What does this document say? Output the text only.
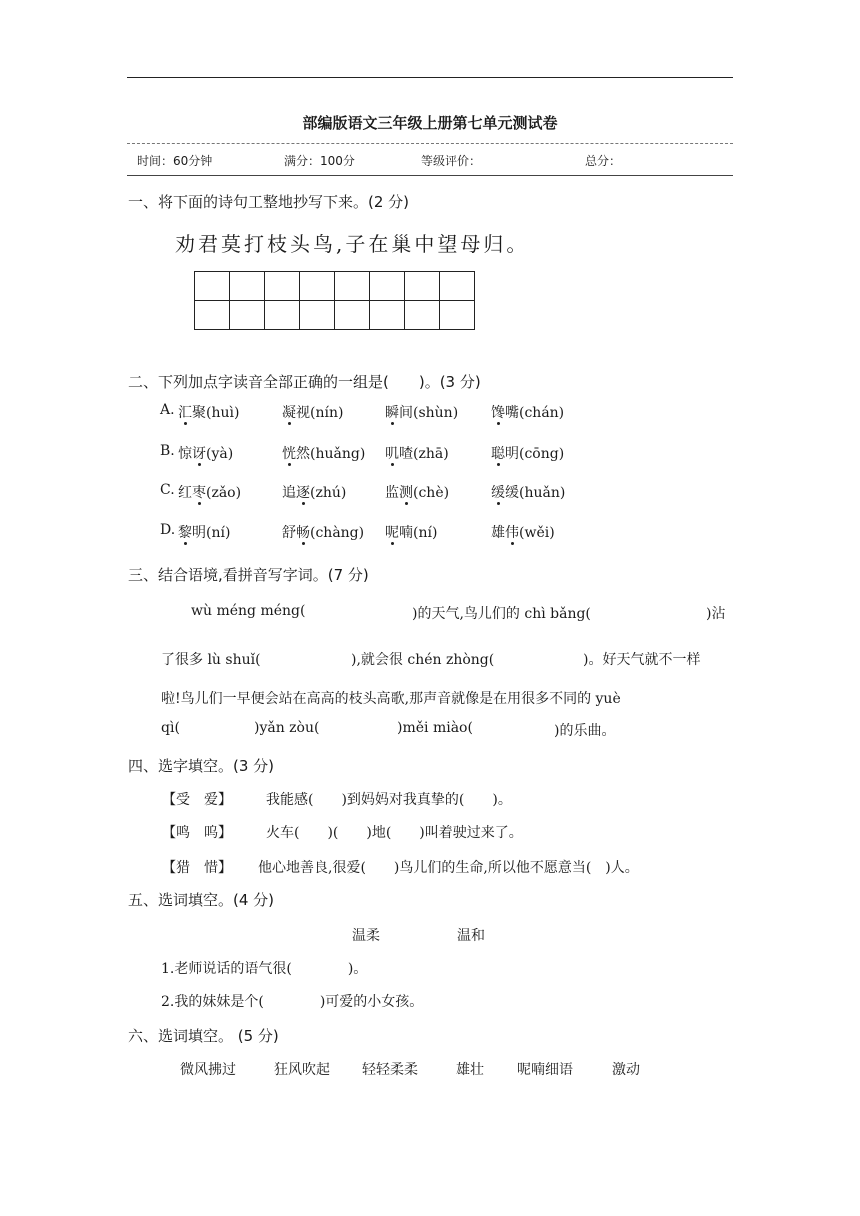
部编版语文三年级上册第七单元测试卷
时间：60分钟	满分：100分	等级评价：	总分：
一、将下面的诗句工整地抄写下来。(2 分)
劝君莫打枝头鸟,子在巢中望母归。
二、下列加点字读音全部正确的一组是(　　)。(3 分)
A. 汇聚(huì)	凝视(nín)	瞬间(shùn) 馋嘴(chán)
B. 惊讶(yà)	恍然(huǎng) 叽喳(zhā)	聪明(cōng)
C. 红枣(zǎo)	追逐(zhú)	监测(chè)	缓缓(huǎn)
D. 黎明(ní)	舒畅(chàng) 呢喃(ní)	雄伟(wěi)
三、结合语境,看拼音写字词。(7 分)
wù méng méng(	)的天气,鸟儿们的 chì bǎng(	)沾
了很多 lù shuǐ(	),就会很 chén zhòng(	)。好天气就不一样
啦!鸟儿们一早便会站在高高的枝头高歌,那声音就像是在用很多不同的 yuè
qì(	)yǎn zòu(	)měi miào(	)的乐曲。
四、选字填空。(3 分)
【受　爱】 我能感(　　)到妈妈对我真挚的(　　)。
【鸣　呜】 火车(　　)(　　)地(　　)叫着驶过来了。
【猎　惜】 他心地善良,很爱(　　)鸟儿们的生命,所以他不愿意当(　)人。
五、选词填空。(4 分)
温柔	温和
1.老师说话的语气很(　　　　)。
2.我的妹妹是个(　　　　)可爱的小女孩。
六、选词填空。 (5 分)
微风拂过	狂风吹起 轻轻柔柔	雄壮 呢喃细语	激动
